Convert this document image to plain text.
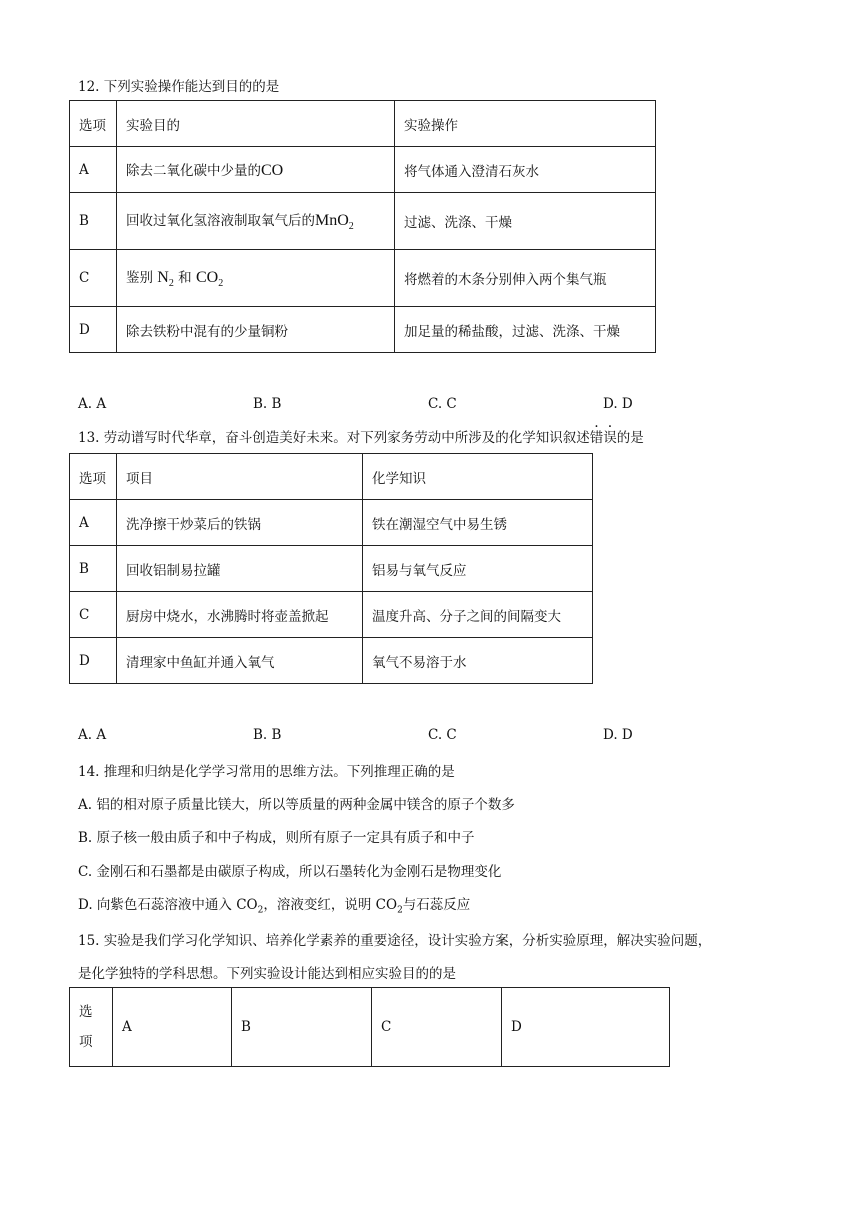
12. 下列实验操作能达到目的的是
选项	实验目的	实验操作
A	除去二氧化碳中少量的CO	将气体通入澄清石灰水
B	回收过氧化氢溶液制取氧气后的MnO$_2$	过滤、洗涤、干燥
C	鉴别 $N_2$ 和 $CO_2$	将燃着的木条分别伸入两个集气瓶
D	除去铁粉中混有的少量铜粉	加足量的稀盐酸，过滤、洗涤、干燥
A. A	B. B	C. C	D. D
13. 劳动谱写时代华章，奋斗创造美好未来。对下列家务劳动中所涉及的化学知识叙述错误的是
选项	项目	化学知识
A	洗净擦干炒菜后的铁锅	铁在潮湿空气中易生锈
B	回收铝制易拉罐	铝易与氧气反应
C	厨房中烧水，水沸腾时将壶盖掀起	温度升高、分子之间的间隔变大
D	清理家中鱼缸并通入氧气	氧气不易溶于水
A. A	B. B	C. C	D. D
14. 推理和归纳是化学学习常用的思维方法。下列推理正确的是
A. 铝的相对原子质量比镁大，所以等质量的两种金属中镁含的原子个数多
B. 原子核一般由质子和中子构成，则所有原子一定具有质子和中子
C. 金刚石和石墨都是由碳原子构成，所以石墨转化为金刚石是物理变化
D. 向紫色石蕊溶液中通入 $CO_2$，溶液变红，说明 $CO_2$与石蕊反应
15. 实验是我们学习化学知识、培养化学素养的重要途径，设计实验方案，分析实验原理，解决实验问题，
是化学独特的学科思想。下列实验设计能达到相应实验目的的是
选
项	A	B	C	D
